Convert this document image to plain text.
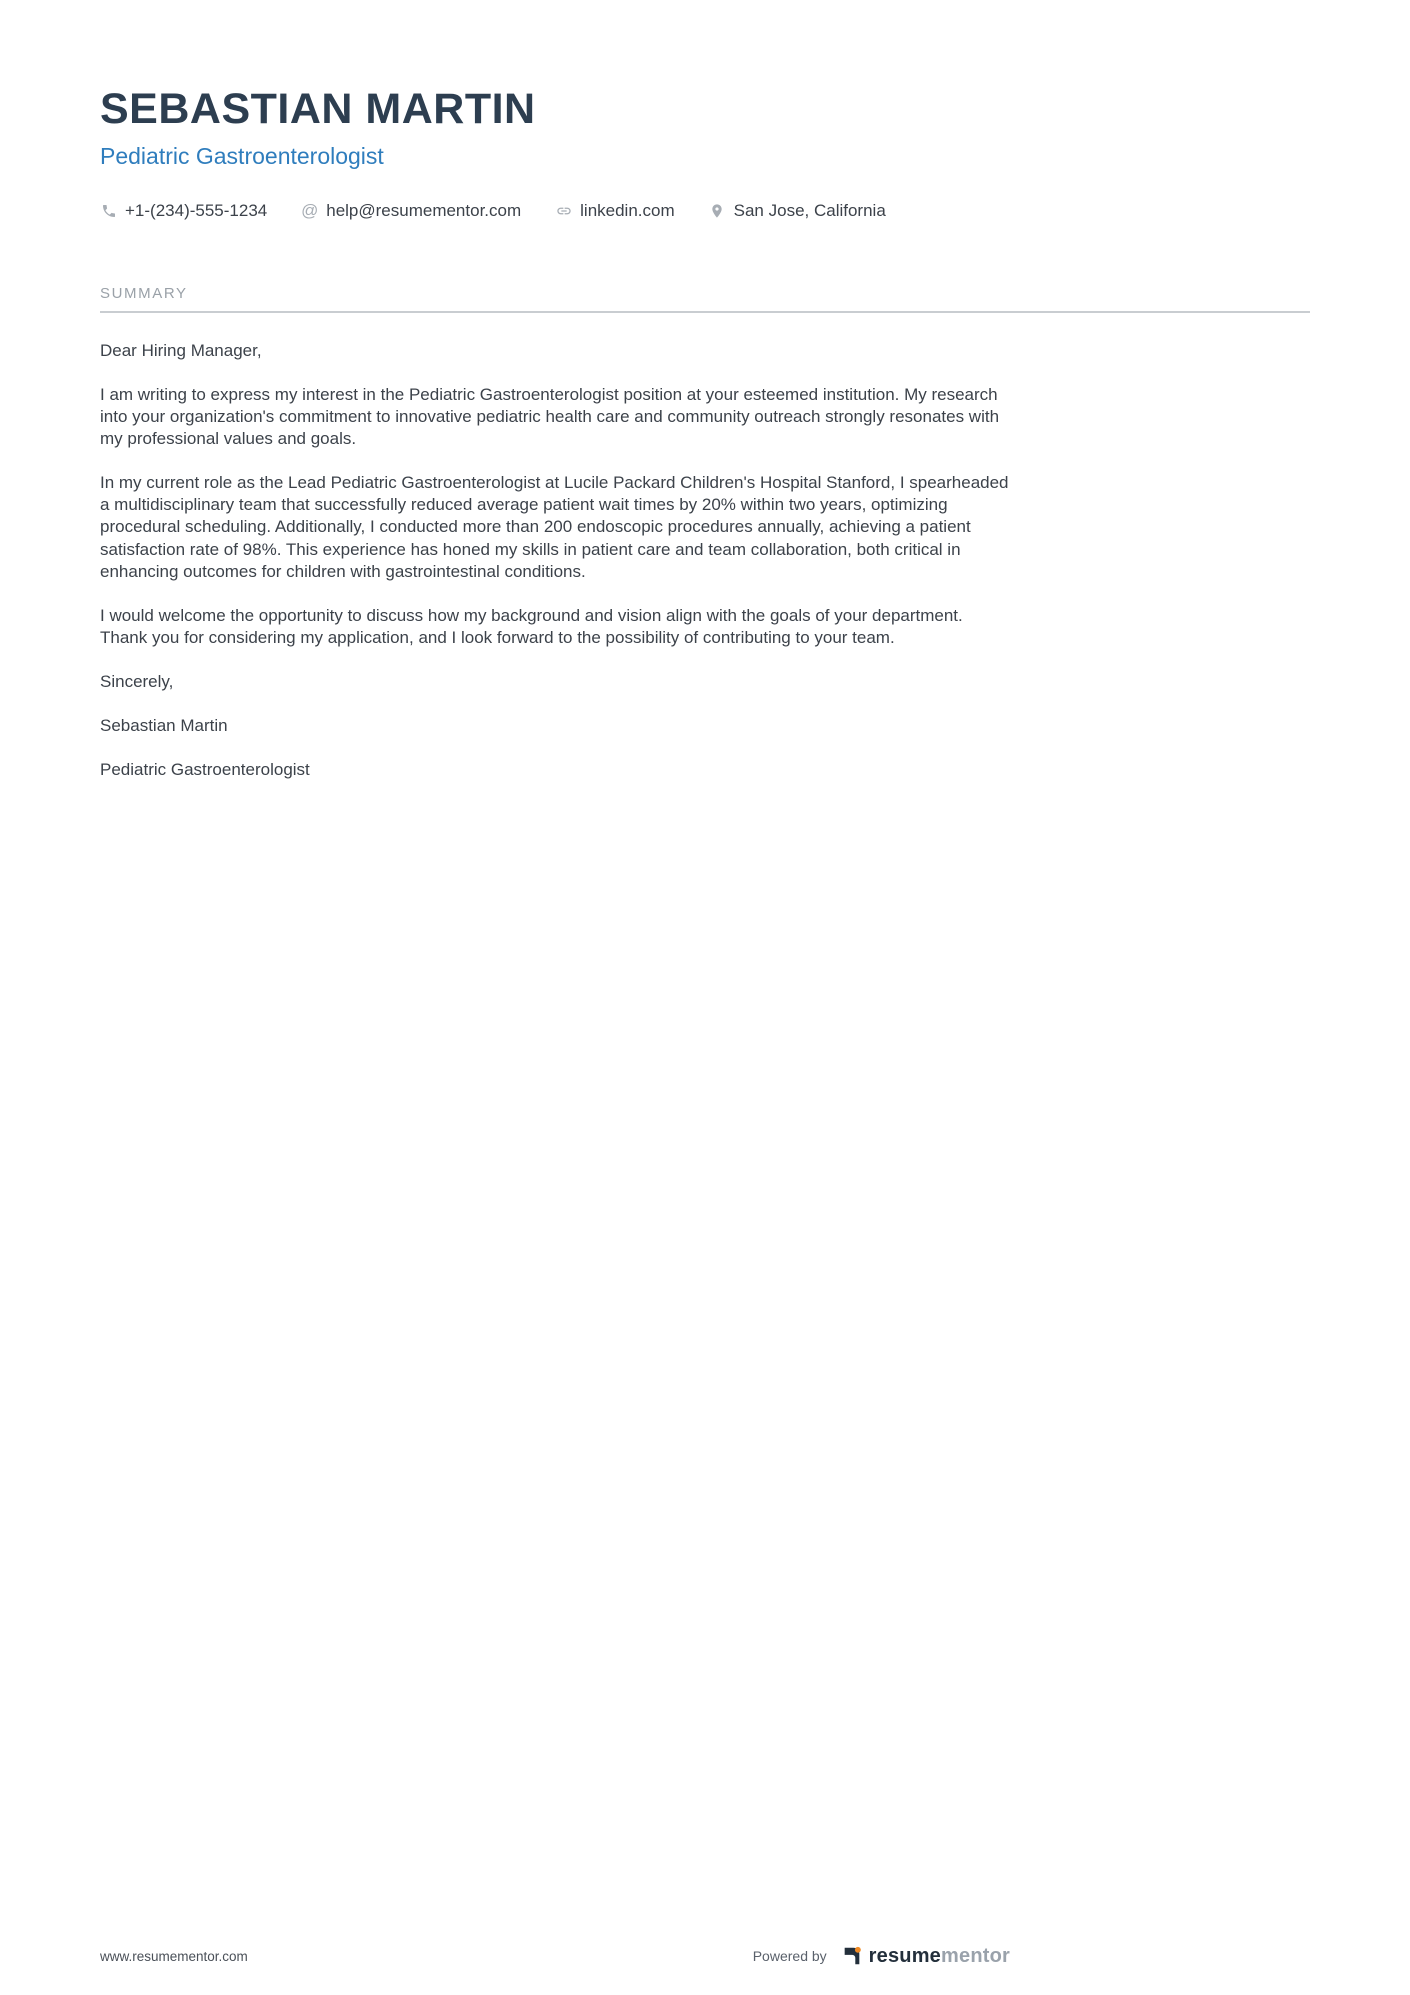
SEBASTIAN MARTIN
Pediatric Gastroenterologist
+1-(234)-555-1234 @ help@resumementor.com	linkedin.com	San Jose, California
SUMMARY

Dear Hiring Manager,

I am writing to express my interest in the Pediatric Gastroenterologist position at your esteemed institution. My research into your organization's commitment to innovative pediatric health care and community outreach strongly resonates with my professional values and goals.

In my current role as the Lead Pediatric Gastroenterologist at Lucile Packard Children's Hospital Stanford, I spearheaded a multidisciplinary team that successfully reduced average patient wait times by 20% within two years, optimizing procedural scheduling. Additionally, I conducted more than 200 endoscopic procedures annually, achieving a patient satisfaction rate of 98%. This experience has honed my skills in patient care and team collaboration, both critical in enhancing outcomes for children with gastrointestinal conditions.

I would welcome the opportunity to discuss how my background and vision align with the goals of your department. Thank you for considering my application, and I look forward to the possibility of contributing to your team.

Sincerely,

Sebastian Martin

Pediatric Gastroenterologist

www.resumementor.com	Powered by resumementor
